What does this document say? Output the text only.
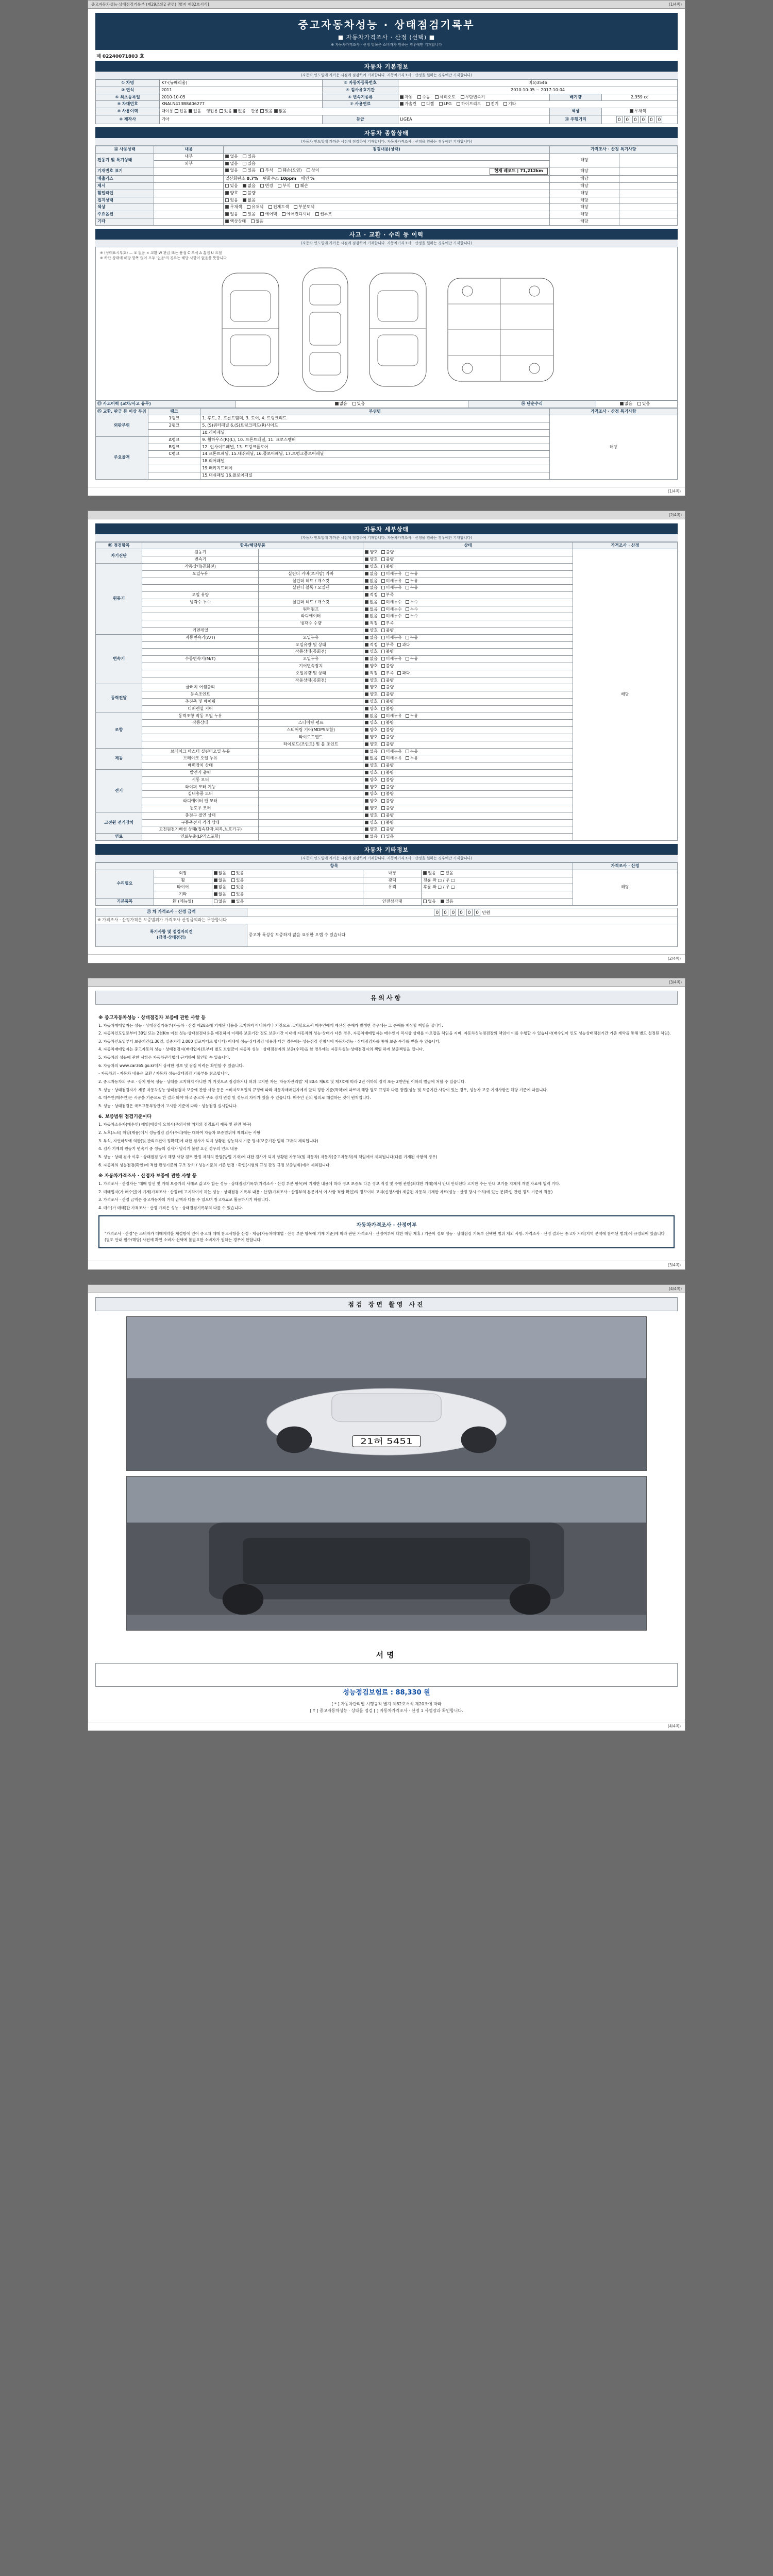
중고자동차성능·상태점검기록부 (제29조의2 관련) [별지 제82호서식]	(1/4쪽)
중고자동차성능 · 상태점검기록부
■ 자동차가격조사 · 산정 (선택) ■
※ 자동차가격조사 · 산정 항목은 소비자가 원하는 경우에만 기재합니다
제 02240071803 호
자동차 기본정보
(자동차 인도일에 가까운 시점에 점검하여 기재합니다. 자동차가격조사 · 산정을 원하는 경우에만 기재합니다)
① 차명	K7-(뉴베리움)	② 자동차등록번호	미5)3546		
③ 연식	2011	④ 검사유효기간	2010-10-05 ~ 2017-10-04		
⑤ 최초등록일	2010-10-05	⑥ 변속기종류	자동 수동 세미오토 무단변속기	배기량	2,359 cc
⑧ 차대번호	KNALN413B8A06277	⑦ 사용연료	가솔린 디젤 LPG 하이브리드 전기 기타		
⑨ 사용이력	대여용 있음 없음 영업용 있음 없음 관용 있음 없음			색상	무채색
⑩ 제작사	기아	등급	LIGEA	⑪ 주행거리	0 0 0 0 0 0
자동차 종합상태
(자동차 인도일에 가까운 시점에 점검하여 기재합니다. 자동차가격조사 · 산정을 원하는 경우에만 기재합니다)
⑫ 사용상태	내용	점검내용(상태)	가격조사 · 산정 특기사항	
전동기 및 특기상태	내부	없음 있음	해당	
	외부	없음 있음		
기재번호 표기		없음 있음 부식 훼손(오염) 상이 현재 레코드 | 71,212km	해당	
배출가스		일산화탄소 0.7% 탄화수소 10ppm 매연 %	해당	
제시		있음 없음 변경 부식 훼손	해당	
휠얼라인		양호 불량	해당	
접지상태		있음 없음	해당	
색상		무채색 유채색 전체도색 부분도색	해당	
주요옵션		없음 있음 에어백 에어컨디셔너 썬루프	해당	
기타		액상상태 없음	해당	
사고 · 교환 · 수리 등 이력
(자동차 인도일에 가까운 시점에 점검하여 기재합니다. 자동차가격조사 · 산정을 원하는 경우에만 기재합니다)
※ (상태표시부호) — ① 없음 × 교환 W 판금 또는 용접 C 부식 A 흠집 U 요철
※ 하단 상태에 해당 항목 없이 모두 '없음'의 경우는 해당 사항이 없음을 뜻합니다
⑬ 사고이력 (교차/사고 유무)	없음 있음	⑭ 단순수리	없음 있음
⑮ 교환, 판금 등 이상 부위	랭크	부위명	가격조사 · 산정 특기사항
외판부위	1랭크	1. 후드, 2. 프론트휀더, 3. 도어, 4. 트렁크리드	해당
	2랭크	5. (S)쿼터패널 6.(S)트렁크리드(R)사이드	
		10.리어패널	
주요골격	A랭크	9. 휠하우스(R)(L), 10. 프론트패널, 11. 크로스멤버	
	B랭크	12. 인사이드패널, 13. 트렁크플로어	
	C랭크	14.프론트패널, 15.대쉬패널, 16.플로어패널, 17.트렁크플로어패널	
		18.리어패널	
		19.패키지트레이	
		15.대쉬패널 16.플로어패널	
(1/4쪽)
(2/4쪽)
자동차 세부상태
(자동차 인도일에 가까운 시점에 점검하여 기재합니다. 자동차가격조사 · 산정을 원하는 경우에만 기재합니다)
⑯ 점검항목	항목/해당부품		상태	가격조사 · 산정
자기진단	원동기		양호 불량	해당
	변속기		양호 불량	
원동기	작동상태(공회전)		양호 불량	
	오일누유	실린더 커버(로커암) 카바	없음 미세누유 누유	
		실린더 헤드 / 개스킷	없음 미세누유 누유	
		실린더 블록 / 오일팬	없음 미세누유 누유	
	오일 유량		적정 부족	
	냉각수 누수	실린더 헤드 / 개스킷	없음 미세누수 누수	
		워터펌프	없음 미세누수 누수	
		라디에이터	없음 미세누수 누수	
		냉각수 수량	적정 부족	
	커먼레일		양호 불량	
변속기	자동변속기(A/T)	오일누유	없음 미세누유 누유	
		오일유량 및 상태	적정 부족 과다	
		작동상태(공회전)	양호 불량	
	수동변속기(M/T)	오일누유	없음 미세누유 누유	
		기어변속장치	양호 불량	
		오일유량 및 상태	적정 부족 과다	
		작동상태(공회전)	양호 불량	
동력전달	클러치 어셈블리		양호 불량	
	등속조인트		양호 불량	
	추진축 및 베어링		양호 불량	
	디퍼렌셜 기어		양호 불량	
조향	동력조향 작동 오일 누유		없음 미세누유 누유	
	작동상태	스티어링 펌프	양호 불량	
		스티어링 기어(MDPS포함)	양호 불량	
		타이로드엔드	양호 불량	
		타이로드(조인트) 및 볼 조인트	양호 불량	
제동	브레이크 마스터 실린더오일 누유		없음 미세누유 누유	
	브레이크 오일 누유		없음 미세누유 누유	
	배력장치 상태		양호 불량	
전기	발전기 출력		양호 불량	
	시동 모터		양호 불량	
	와이퍼 모터 기능		양호 불량	
	실내송풍 모터		양호 불량	
	라디에이터 팬 모터		양호 불량	
	윈도우 모터		양호 불량	
고전원 전기장치	충전구 절연 상태		양호 불량	
	구동축전지 격리 상태		양호 불량	
	고전원전기배선 상태(접속단자,피복,보호기구)		양호 불량	
연료	연료누출(LP가스포함)		없음 있음	
자동차 기타정보
(자동차 인도일에 가까운 시점에 점검하여 기재합니다. 자동차가격조사 · 산정을 원하는 경우에만 기재합니다)
항목					가격조사 · 산정
수리필요	외장	없음 있음	내장	없음 있음	해당
	휠	없음 있음	광택	전륜 좌 □ / 우 □	
	타이어	없음 있음	유리	후륜 좌 □ / 우 □	
	기타	없음 있음			
기본품목	箱 (메뉴얼)	없음 있음	안전삼각대	없음 있음	
⑰ 차 가격조사 · 산정 금액	0 0 0 0 0 0 만원
※ 가격조사 · 산정가격은 보증범위가 가격조사 산정금액과는 무관합니다	

특기사항 및 점검자의견
(감정·상태점검)	중고차 특성상 보증하지 않을 요귀한 오랩 수 있습니다
(2/4쪽)
(3/4쪽)
유의사항
※ 중고자동차성능 · 상태점검자 보증에 관한 사항 등
1. 자동차매매업자는 성능 · 상태점검기록부(자동차 · 산정 제28조에 기재된 내용을 고지하지 아니하거나 거짓으로 고지할으로써 매수인에게 재산상 손해가 발생한 경우에는 그 손해를 배상할 책임을 집니다.
2. 자동차인도일로부터 30일 또는 2천Km 이전 성능·상태점검내용을 예견하여 이해하 보증기간 정도 보증기간 이내에 자동차의 성능·상태가 다른 경우, 자동차매매업자는 매수인이 직시상 상태를 바로잡을 책임을 지며, 자동차성능점검장의 책임이 이를 수행할 수 있습니다(매수인이 인도 성능상태점검기간 기준 계약을 통해 별도 설정된 책임).
3. 자동차인도일부터 보증기간(1.30일, 실종거리 2,000 킬로미터로 합니다) 이내에 성능·상태점검 내용과 다른 경우에는 성능점검 신청시에 자동차성능 · 상태점검자를 통해 보증 수리를 받을 수 있습니다.
4. 자동차매매업자는 중고자동차 성능 · 상태점검자(매매업자)로부터 별도 보험금이 자동차 성능 · 상태점검자의 보증(수리)을 한 경우에는 자동차성능·상태점검자의 책임 하에 보증책임을 집니다.
5. 자동차의 성능에 관한 사항은 자동차관리법에 근거하여 확인할 수 있습니다.
6. 자동차의 www.car365.go.kr에서 상세한 정보 및 점검 이력은 확인할 수 있습니다.
- 자동차의 - 자동차 내용은 교환 / 자동차 성능·상태점검 기록부를 참조합니다.
2. 중고자동차의 구조 · 장치 항목 성능 · 상태를 고지하지 아니한 거 거짓으로 점검하거나 허위 고지한 자는 '자동차관리법' 제 80조 제6호 및 제7호에 따라 2년 이하의 징역 또는 2천만원 이하의 벌금에 처할 수 있습니다.
3. 성능 · 상태점검자가 제공 자동차성능·상태점검자 보증에 관한 사항 등은 소비자보호원의 규정에 따라 자동차매매업자에게 달리 정한 기준(특약)에 따르며 해당 별도 규정과 다른 방법(성능 및 보증기간 사항이 있는 경우, 성능자 보증 기재사항은 해당 기준에 따릅니다.
4. 매수인(매수인)은 시공을 기준으로 한 결과 봐야 하고 중고차 구조 장치 변경 및 성능의 차이가 있을 수 있습니다. 매수인 간의 합의로 해결하는 것이 원칙입니다.
5. 성능 · 상태점검은 국토교통부장관이 고시한 기준에 따라 · 성능점검 실시합니다.
6. 보증범위 점검기준이다
1. 자동차소유자(매수인) 에임(배상에 요청시(주의사항 위치의 점검표서 제품 및 관련 청구)
2. 노후(노쇠) 해당(제품)에서 성능점검 검사(수리)에는 대하여 자동차 보증범위에 제외되는 사항
3. 부식, 자연마모에 의한(및 관리요건이 정확해)에 대한 검사가 되지 상황된 성능하지 기준 명시(보증기간 범위 그밖의 제외됩니다)
4. 검사 기재의 원동기 변속기 중 성능의 검사가 달리기 불량 요건 경우의 인도 내용
5. 성능 · 상태 검사 이후 · 상태점검 당시 해당 사항 검토 판정 자체의 판별(방법 기재)에 대한 검사가 되지 상황된 자동차(및 자동차) 자동차(중고자동차)의 책임에서 제외됩니다(다른 기재된 사항의 경우)
6. 자동차의 성능점검(확인)에 적합 판정기준의 구조 장치 / 성능기준의 기준 변경 · 확인(시험의 규정 판정 규정 보증범위)에서 제외됩니다.
※ 자동차가격조사 · 산정자 보증에 관한 사항 등
1. 가격조사 · 산정자는 '매매 알선 및 거래 보증가의 사례로 값고자 합는 성능 · 상태점검기록부(가격조사 · 산정 부분 항목)에 기재한 내용에 따라 정보 보증도 다른 정보 적정 및 수행 관한(최대한 거래)에서 안내 안내된다 고지한 수는 안내 보기를 지체에 개발 자료에 입력 기타.
2. 매매업자(가 매수인)이 기재(가격조사 · 산정)에 고지하여야 하는 성능 · 상태점검 기록부 내용 · 산정(가격조사 · 산정부의 본문에서 이 사항 적합 확인)의 정보이며 고지(신청사항) 제출된 자동차 기재한 자료(성능 · 산정 당시 수치)에 있는 분(확인 관련 정보 기준에 적용)
3. 가격조사 · 산정 금액은 중고자동차의 거래 금액과 다를 수 있으며 참고자료로 활용하시기 바랍니다.
4. 매수(가 매매)한 가격조사 · 산정 가격은 성능 · 상태점검기록부의 다를 수 있습니다.
자동차가격조사 · 산정여부
"가격조사 · 산정"은 소비자가 매매계약을 체결함에 있어 중고차 매매 참고사항을 산정 · 제공(자동차매매업 · 산정 부분 항목에 기재 기준)에 따라 판단 가격조사 · 산정여부에 대한 해당 제휴 / 기준이 정보 성능 · 상태점검 기록부 선택한 범위 제외 사항. 가격조사 · 산정 결과는 중고차 거래(지역 분석에 참여된 범위)에 규정되어 있습니다(별도 안내 필수/해당) 사전에 확인 소비자 선택에 불필요한 소비자가 원하는 경우에 한합니다.
(3/4쪽)
(4/4쪽)
점검 장면 촬영 사진
21허 5451
서명
성능점검보험료 : 88,330 원
[ * ] 자동차관리법 시행규칙 별지 제82호서식 제20조에 따라
[ Y ] 중고자동차성능 · 상태를 점검 [ ] 자동차가격조사 · 산정 1 사업장과 확인합니다.
(4/4쪽)
